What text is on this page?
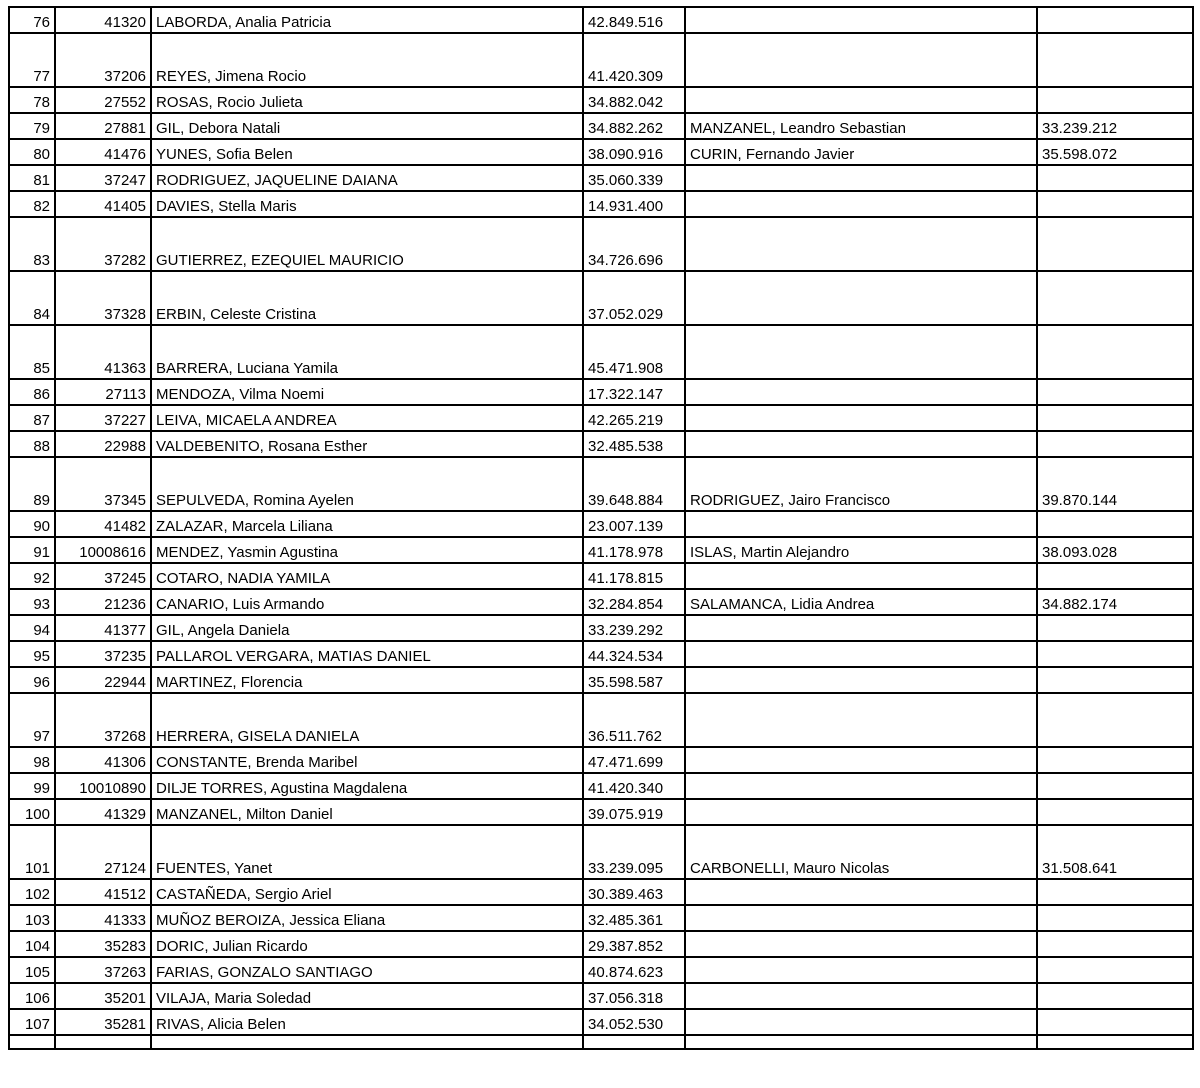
76	41320	LABORDA, Analia Patricia	42.849.516		
77	37206	REYES, Jimena Rocio	41.420.309		
78	27552	ROSAS, Rocio Julieta	34.882.042		
79	27881	GIL, Debora Natali	34.882.262	MANZANEL, Leandro Sebastian	33.239.212
80	41476	YUNES, Sofia Belen	38.090.916	CURIN, Fernando Javier	35.598.072
81	37247	RODRIGUEZ, JAQUELINE DAIANA	35.060.339		
82	41405	DAVIES, Stella Maris	14.931.400		
83	37282	GUTIERREZ, EZEQUIEL MAURICIO	34.726.696		
84	37328	ERBIN, Celeste Cristina	37.052.029		
85	41363	BARRERA, Luciana Yamila	45.471.908		
86	27113	MENDOZA, Vilma Noemi	17.322.147		
87	37227	LEIVA, MICAELA ANDREA	42.265.219		
88	22988	VALDEBENITO, Rosana Esther	32.485.538		
89	37345	SEPULVEDA, Romina Ayelen	39.648.884	RODRIGUEZ, Jairo Francisco	39.870.144
90	41482	ZALAZAR, Marcela Liliana	23.007.139		
91	10008616	MENDEZ, Yasmin Agustina	41.178.978	ISLAS, Martin Alejandro	38.093.028
92	37245	COTARO, NADIA YAMILA	41.178.815		
93	21236	CANARIO, Luis Armando	32.284.854	SALAMANCA, Lidia Andrea	34.882.174
94	41377	GIL, Angela Daniela	33.239.292		
95	37235	PALLAROL VERGARA, MATIAS DANIEL	44.324.534		
96	22944	MARTINEZ, Florencia	35.598.587		
97	37268	HERRERA, GISELA DANIELA	36.511.762		
98	41306	CONSTANTE, Brenda Maribel	47.471.699		
99	10010890	DILJE TORRES, Agustina Magdalena	41.420.340		
100	41329	MANZANEL, Milton Daniel	39.075.919		
101	27124	FUENTES, Yanet	33.239.095	CARBONELLI, Mauro Nicolas	31.508.641
102	41512	CASTAÑEDA, Sergio Ariel	30.389.463		
103	41333	MUÑOZ BEROIZA, Jessica Eliana	32.485.361		
104	35283	DORIC, Julian Ricardo	29.387.852		
105	37263	FARIAS, GONZALO SANTIAGO	40.874.623		
106	35201	VILAJA, Maria Soledad	37.056.318		
107	35281	RIVAS, Alicia Belen	34.052.530		
